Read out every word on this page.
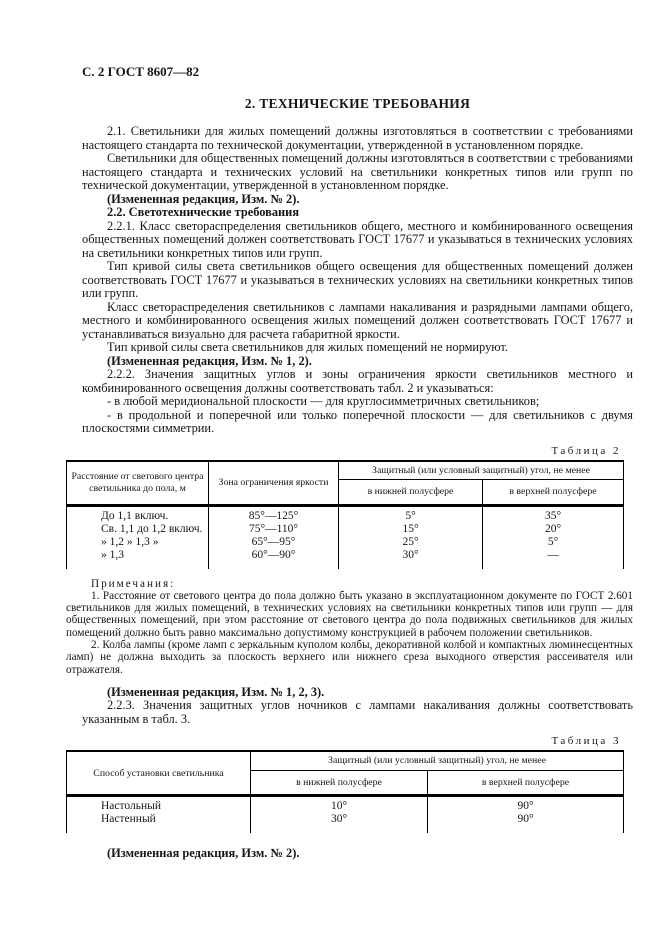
С. 2 ГОСТ 8607—82
2. ТЕХНИЧЕСКИЕ ТРЕБОВАНИЯ

2.1. Светильники для жилых помещений должны изготовляться в соответствии с требованиями настоящего стандарта по технической документации, утвержденной в установленном порядке.

Светильники для общественных помещений должны изготовляться в соответствии с требованиями настоящего стандарта и технических условий на светильники конкретных типов или групп по технической документации, утвержденной в установленном порядке.

(Измененная редакция, Изм. № 2).

2.2. Светотехнические требования

2.2.1. Класс светораспределения светильников общего, местного и комбинированного освещения общественных помещений должен соответствовать ГОСТ 17677 и указываться в технических условиях на светильники конкретных типов или групп.

Тип кривой силы света светильников общего освещения для общественных помещений должен соответствовать ГОСТ 17677 и указываться в технических условиях на светильники конкретных типов или групп.

Класс светораспределения светильников с лампами накаливания и разрядными лампами общего, местного и комбинированного освещения жилых помещений должен соответствовать ГОСТ 17677 и устанавливаться визуально для расчета габаритной яркости.

Тип кривой силы света светильников для жилых помещений не нормируют.

(Измененная редакция, Изм. № 1, 2).

2.2.2. Значения защитных углов и зоны ограничения яркости светильников местного и комбинированного освещения должны соответствовать табл. 2 и указываться:

- в любой меридиональной плоскости — для круглосимметричных светильников;

- в продольной и поперечной или только поперечной плоскости — для светильников с двумя плоскостями симметрии.

Таблица 2
Расстояние от светового центра светильника до пола, м	Зона ограничения яркости	Защитный (или условный защитный) угол, не менее	
		в нижней полусфере	в верхней полусфере
До 1,1 включ.	85°—125°	5°	35°
Св. 1,1 до 1,2 включ.	75°—110°	15°	20°
» 1,2 » 1,3 »	65°—95°	25°	5°
» 1,3	60°—90°	30°	—

Примечания:

1. Расстояние от светового центра до пола должно быть указано в эксплуатационном документе по ГОСТ 2.601 светильников для жилых помещений, в технических условиях на светильники конкретных типов или групп — для общественных помещений, при этом расстояние от светового центра до пола подвижных светильников для жилых помещений должно быть равно максимально допустимому конструкцией в рабочем положении светильников.

2. Колба лампы (кроме ламп с зеркальным куполом колбы, декоративной колбой и компактных люминесцентных ламп) не должна выходить за плоскость верхнего или нижнего среза выходного отверстия рассеивателя или отражателя.

(Измененная редакция, Изм. № 1, 2, 3).

2.2.3. Значения защитных углов ночников с лампами накаливания должны соответствовать указанным в табл. 3.

Таблица 3
Способ установки светильника	Защитный (или условный защитный) угол, не менее	
	в нижней полусфере	в верхней полусфере
Настольный	10°	90°
Настенный	30°	90°

(Измененная редакция, Изм. № 2).
